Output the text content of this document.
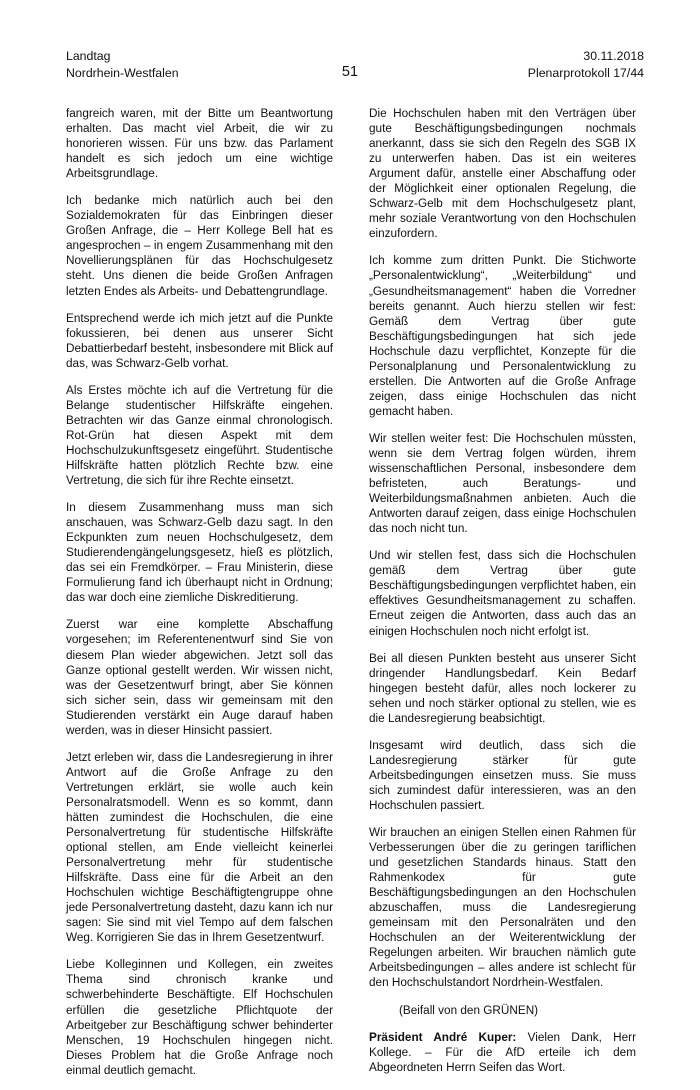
Landtag
Nordrhein-Westfalen	51
30.11.2018
Plenarprotokoll 17/44

fangreich waren, mit der Bitte um Beantwortung erhalten. Das macht viel Arbeit, die wir zu honorieren wissen. Für uns bzw. das Parlament handelt es sich jedoch um eine wichtige Arbeitsgrundlage.

Ich bedanke mich natürlich auch bei den Sozialdemokraten für das Einbringen dieser Großen Anfrage, die – Herr Kollege Bell hat es angesprochen – in engem Zusammenhang mit den Novellierungsplänen für das Hochschulgesetz steht. Uns dienen die beide Großen Anfragen letzten Endes als Arbeits- und Debattengrundlage.

Entsprechend werde ich mich jetzt auf die Punkte fokussieren, bei denen aus unserer Sicht Debattierbedarf besteht, insbesondere mit Blick auf das, was Schwarz-Gelb vorhat.

Als Erstes möchte ich auf die Vertretung für die Belange studentischer Hilfskräfte eingehen. Betrachten wir das Ganze einmal chronologisch. Rot-Grün hat diesen Aspekt mit dem Hochschulzukunftsgesetz eingeführt. Studentische Hilfskräfte hatten plötzlich Rechte bzw. eine Vertretung, die sich für ihre Rechte einsetzt.

In diesem Zusammenhang muss man sich anschauen, was Schwarz-Gelb dazu sagt. In den Eckpunkten zum neuen Hochschulgesetz, dem Studierendengängelungsgesetz, hieß es plötzlich, das sei ein Fremdkörper. – Frau Ministerin, diese Formulierung fand ich überhaupt nicht in Ordnung; das war doch eine ziemliche Diskreditierung.

Zuerst war eine komplette Abschaffung vorgesehen; im Referentenentwurf sind Sie von diesem Plan wieder abgewichen. Jetzt soll das Ganze optional gestellt werden. Wir wissen nicht, was der Gesetzentwurf bringt, aber Sie können sich sicher sein, dass wir gemeinsam mit den Studierenden verstärkt ein Auge darauf haben werden, was in dieser Hinsicht passiert.

Jetzt erleben wir, dass die Landesregierung in ihrer Antwort auf die Große Anfrage zu den Vertretungen erklärt, sie wolle auch kein Personalratsmodell. Wenn es so kommt, dann hätten zumindest die Hochschulen, die eine Personalvertretung für studentische Hilfskräfte optional stellen, am Ende vielleicht keinerlei Personalvertretung mehr für studentische Hilfskräfte. Dass eine für die Arbeit an den Hochschulen wichtige Beschäftigtengruppe ohne jede Personalvertretung dasteht, dazu kann ich nur sagen: Sie sind mit viel Tempo auf dem falschen Weg. Korrigieren Sie das in Ihrem Gesetzentwurf.

Liebe Kolleginnen und Kollegen, ein zweites Thema sind chronisch kranke und schwerbehinderte Beschäftigte. Elf Hochschulen erfüllen die gesetzliche Pflichtquote der Arbeitgeber zur Beschäftigung schwer behinderter Menschen, 19 Hochschulen hingegen nicht. Dieses Problem hat die Große Anfrage noch einmal deutlich gemacht.

Die Hochschulen haben mit den Verträgen über gute Beschäftigungsbedingungen nochmals anerkannt, dass sie sich den Regeln des SGB IX zu unterwerfen haben. Das ist ein weiteres Argument dafür, anstelle einer Abschaffung oder der Möglichkeit einer optionalen Regelung, die Schwarz-Gelb mit dem Hochschulgesetz plant, mehr soziale Verantwortung von den Hochschulen einzufordern.

Ich komme zum dritten Punkt. Die Stichworte „Personalentwicklung“, „Weiterbildung“ und „Gesundheitsmanagement“ haben die Vorredner bereits genannt. Auch hierzu stellen wir fest: Gemäß dem Vertrag über gute Beschäftigungsbedingungen hat sich jede Hochschule dazu verpflichtet, Konzepte für die Personalplanung und Personalentwicklung zu erstellen. Die Antworten auf die Große Anfrage zeigen, dass einige Hochschulen das nicht gemacht haben.

Wir stellen weiter fest: Die Hochschulen müssten, wenn sie dem Vertrag folgen würden, ihrem wissenschaftlichen Personal, insbesondere dem befristeten, auch Beratungs- und Weiterbildungsmaßnahmen anbieten. Auch die Antworten darauf zeigen, dass einige Hochschulen das noch nicht tun.

Und wir stellen fest, dass sich die Hochschulen gemäß dem Vertrag über gute Beschäftigungsbedingungen verpflichtet haben, ein effektives Gesundheitsmanagement zu schaffen. Erneut zeigen die Antworten, dass auch das an einigen Hochschulen noch nicht erfolgt ist.

Bei all diesen Punkten besteht aus unserer Sicht dringender Handlungsbedarf. Kein Bedarf hingegen besteht dafür, alles noch lockerer zu sehen und noch stärker optional zu stellen, wie es die Landesregierung beabsichtigt.

Insgesamt wird deutlich, dass sich die Landesregierung stärker für gute Arbeitsbedingungen einsetzen muss. Sie muss sich zumindest dafür interessieren, was an den Hochschulen passiert.

Wir brauchen an einigen Stellen einen Rahmen für Verbesserungen über die zu geringen tariflichen und gesetzlichen Standards hinaus. Statt den Rahmenkodex für gute Beschäftigungsbedingungen an den Hochschulen abzuschaffen, muss die Landesregierung gemeinsam mit den Personalräten und den Hochschulen an der Weiterentwicklung der Regelungen arbeiten. Wir brauchen nämlich gute Arbeitsbedingungen – alles andere ist schlecht für den Hochschulstandort Nordrhein-Westfalen.

(Beifall von den GRÜNEN)

Präsident André Kuper: Vielen Dank, Herr Kollege. – Für die AfD erteile ich dem Abgeordneten Herrn Seifen das Wort.
